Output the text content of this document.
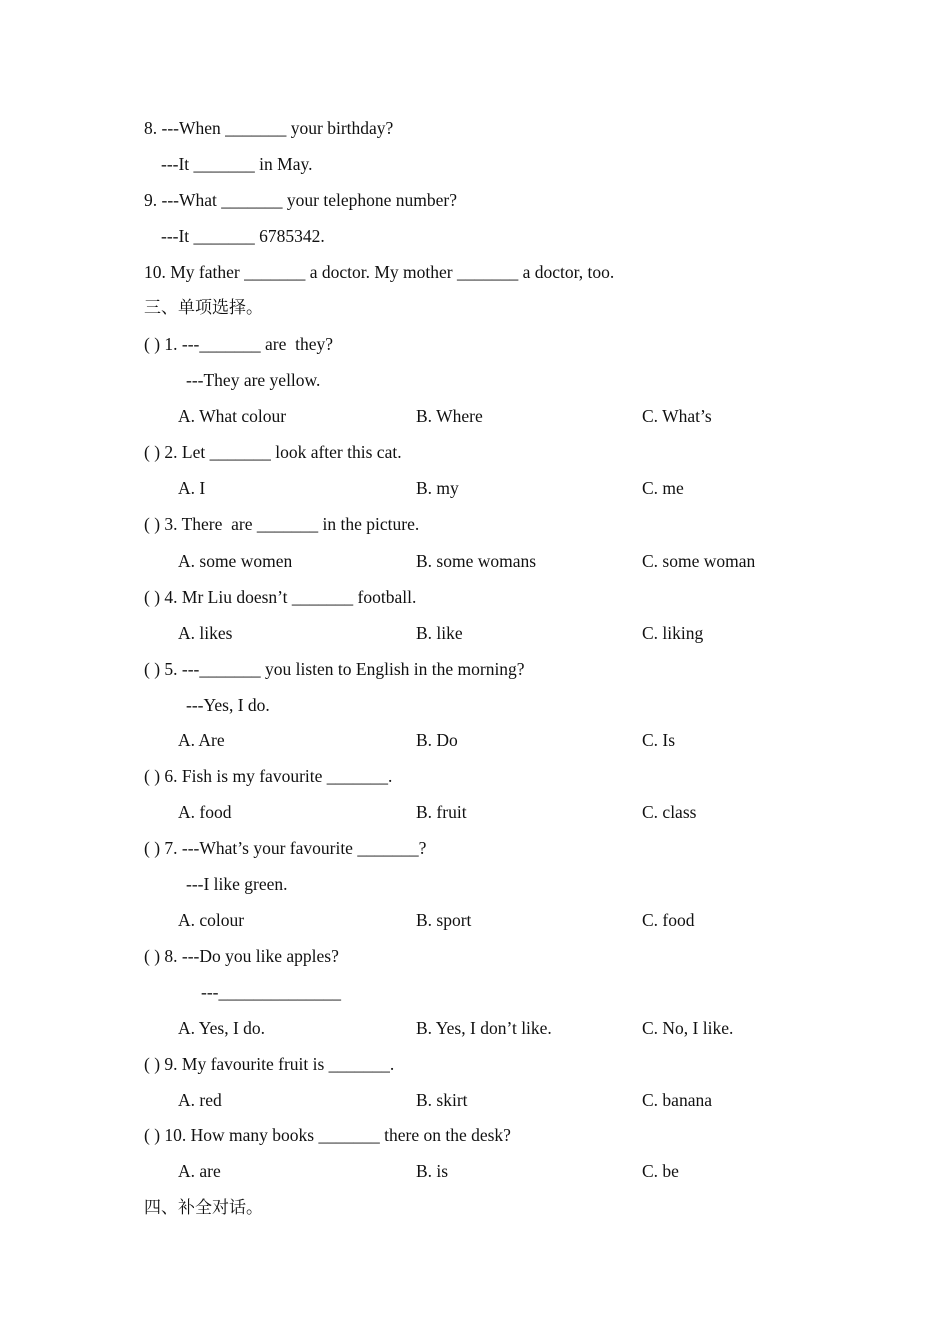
8. ---When _______ your birthday?
---It _______ in May.
9. ---What _______ your telephone number?
---It _______ 6785342.
10. My father _______ a doctor. My mother _______ a doctor, too.
三、单项选择。
( ) 1. ---_______ are  they?
---They are yellow.
A. What colour	B. Where	C. What’s
( ) 2. Let _______ look after this cat.
A. I	B. my	C. me
( ) 3. There  are _______ in the picture.
A. some women	B. some womans	C. some woman
( ) 4. Mr Liu doesn’t _______ football.
A. likes	B. like	C. liking
( ) 5. ---_______ you listen to English in the morning?
---Yes, I do.
A. Are	B. Do	C. Is
( ) 6. Fish is my favourite _______.
A. food	B. fruit	C. class
( ) 7. ---What’s your favourite _______?
---I like green.
A. colour	B. sport	C. food
( ) 8. ---Do you like apples?
---______________
A. Yes, I do.	B. Yes, I don’t like.	C. No, I like.
( ) 9. My favourite fruit is _______.
A. red	B. skirt	C. banana
( ) 10. How many books _______ there on the desk?
A. are	B. is	C. be
四、补全对话。
